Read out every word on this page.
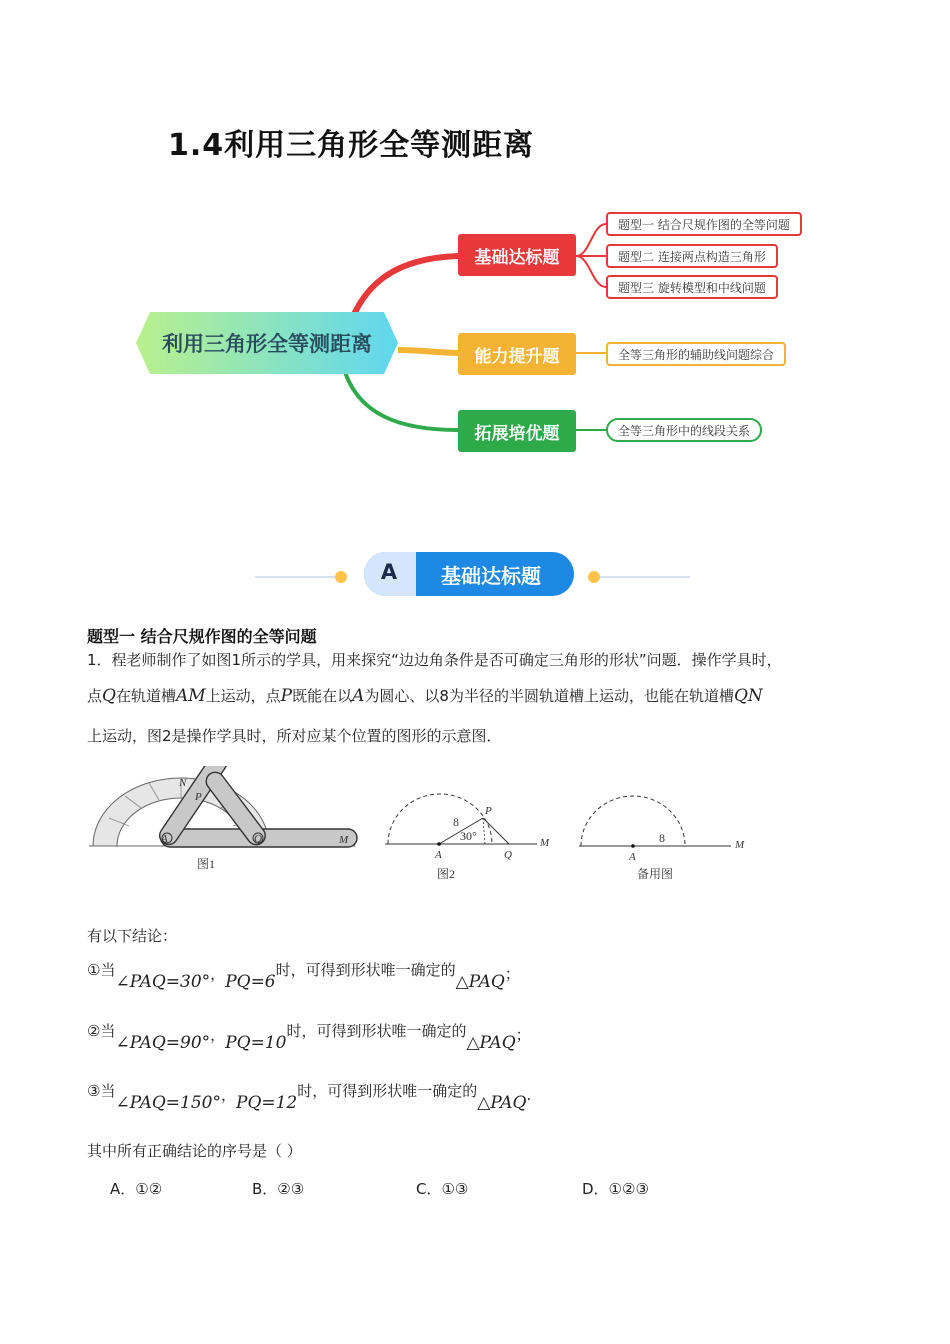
1.4利用三角形全等测距离
利用三角形全等测距离
基础达标题
能力提升题
拓展培优题
题型一 结合尺规作图的全等问题
题型二 连接两点构造三角形
题型三 旋转模型和中线问题
全等三角形的辅助线问题综合
全等三角形中的线段关系
A	基础达标题
题型一 结合尺规作图的全等问题
1．程老师制作了如图1所示的学具，用来探究“边边角条件是否可确定三角形的形状”问题．操作学具时，
点Q在轨道槽AM上运动，点P既能在以A为圆心、以8为半径的半圆轨道槽上运动，也能在轨道槽QN
上运动，图2是操作学具时，所对应某个位置的图形的示意图．
N
P
A	Q	M
图1
P
A	Q
M
8
30°
图2
A
M
8
备用图
有以下结论：
①当∠PAQ=30°，PQ=6时，可得到形状唯一确定的△PAQ；
②当∠PAQ=90°，PQ=10时，可得到形状唯一确定的△PAQ；
③当∠PAQ=150°，PQ=12时，可得到形状唯一确定的△PAQ.
其中所有正确结论的序号是（ ）
A．①②	B．②③	C．①③	D．①②③
